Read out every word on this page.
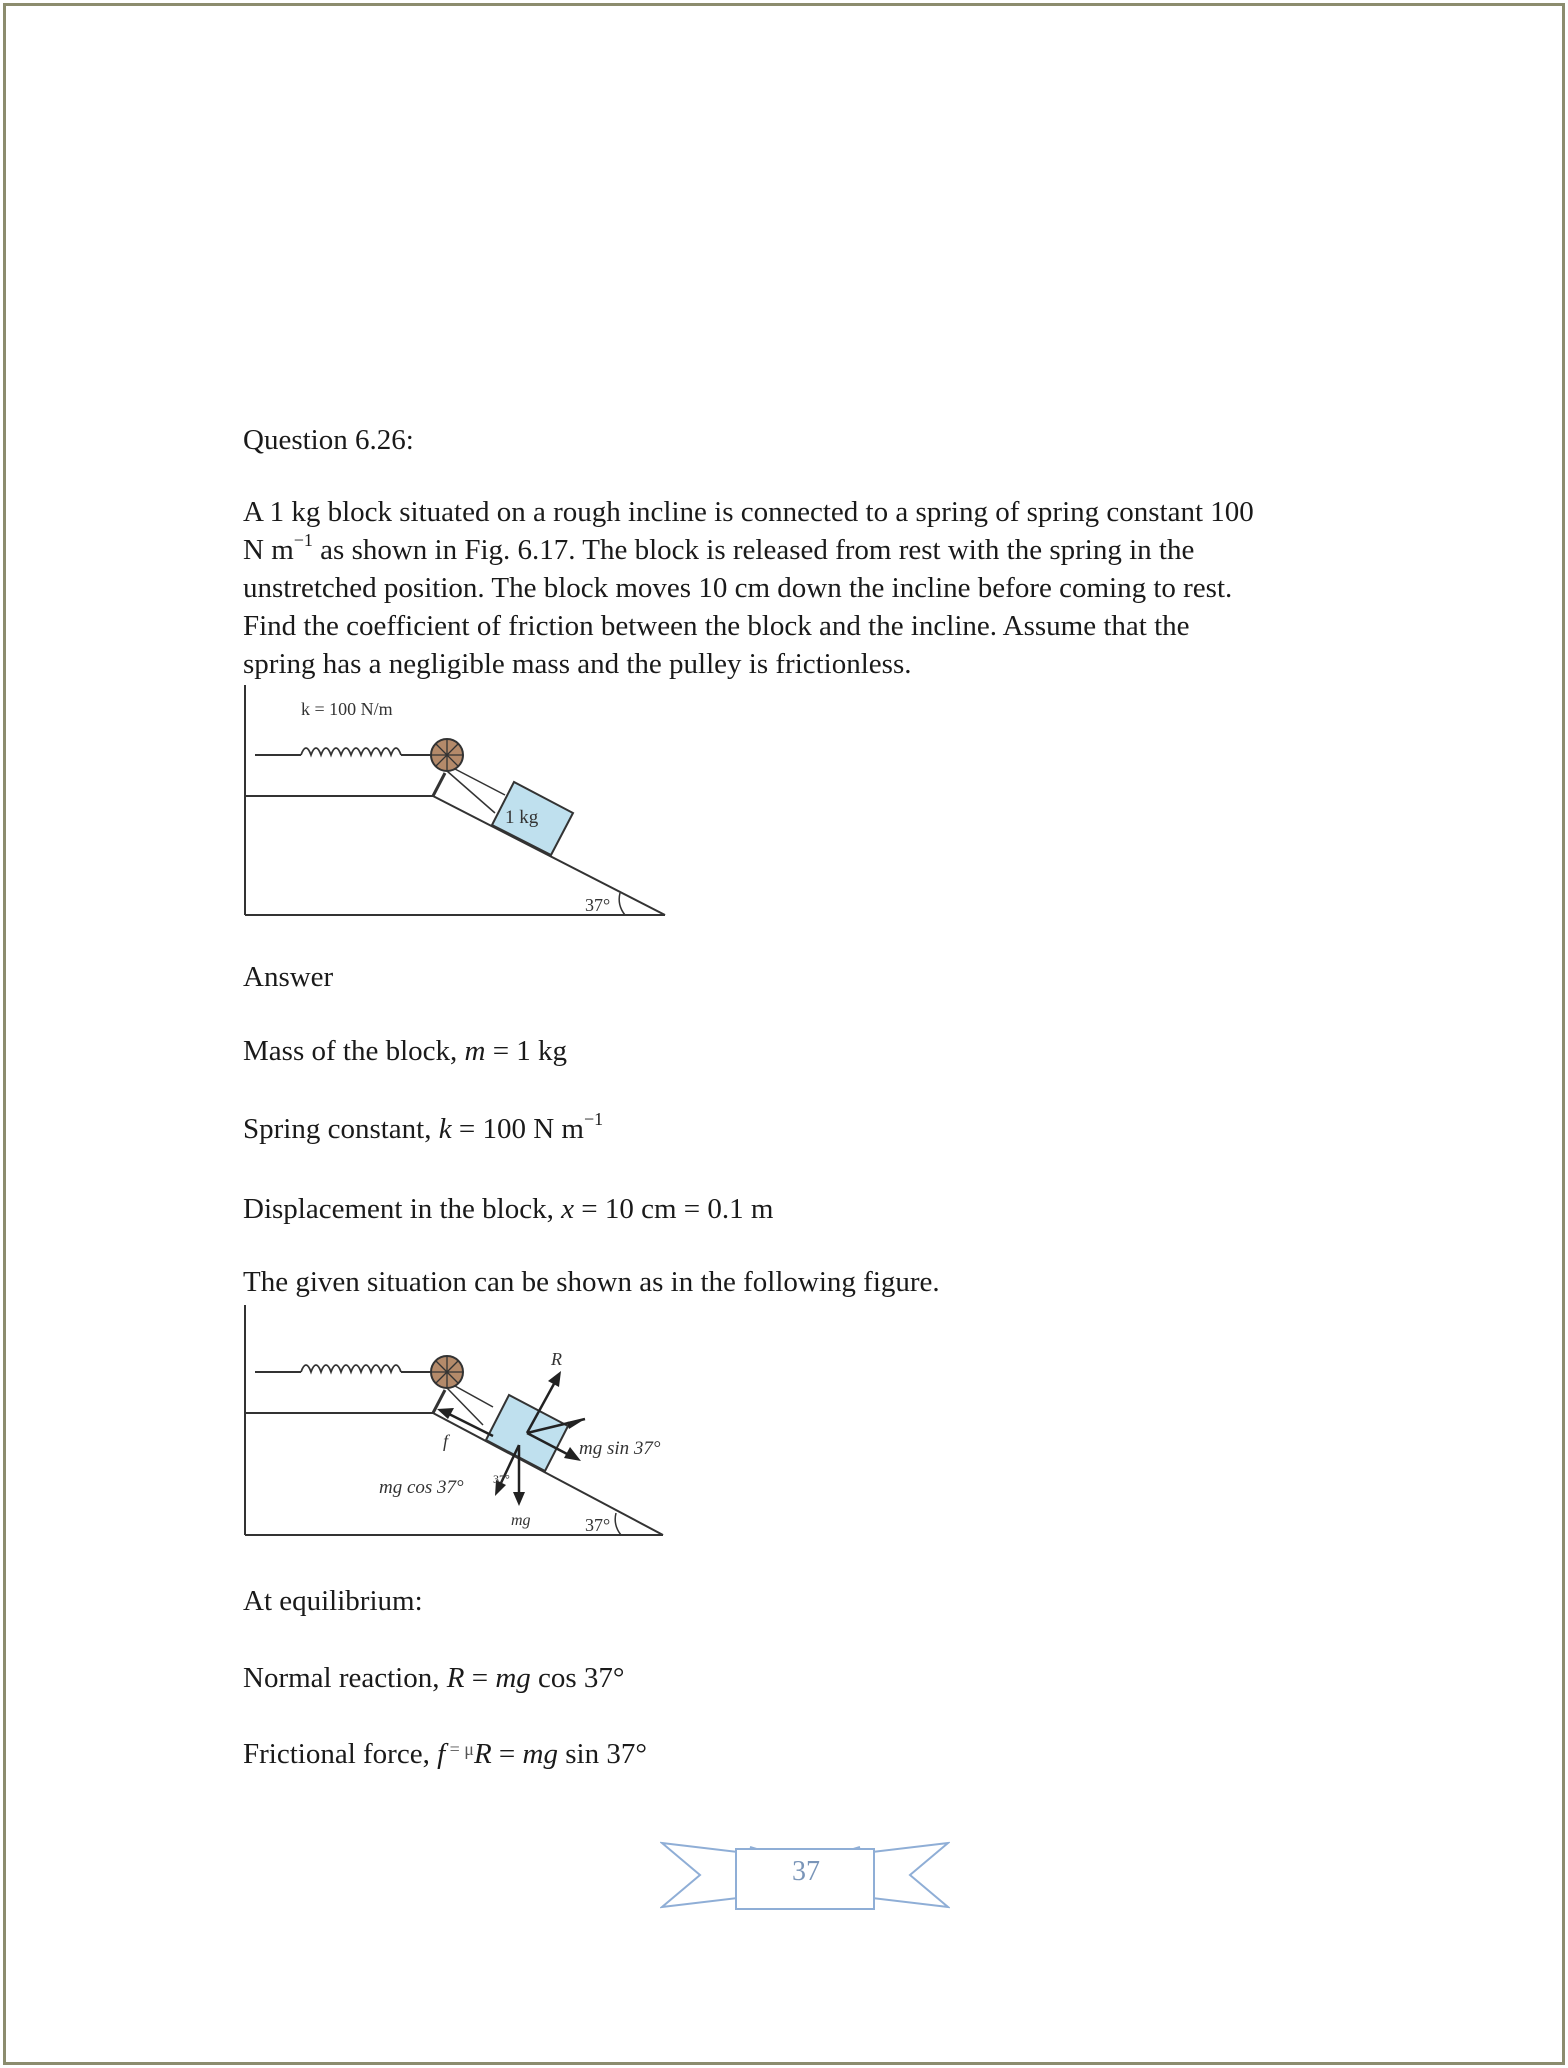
Question 6.26:

A 1 kg block situated on a rough incline is connected to a spring of spring constant 100
N $m^{-1}$ as shown in Fig. 6.17. The block is released from rest with the spring in the
unstretched position. The block moves 10 cm down the incline before coming to rest.
Find the coefficient of friction between the block and the incline. Assume that the
spring has a negligible mass and the pulley is frictionless.
1 kg
k = 100 N/m
37°

Answer

Mass of the block, m = 1 kg

Spring constant, k = 100 N $m^{-1}$

Displacement in the block, x = 10 cm = 0.1 m

The given situation can be shown as in the following figure.

R
f	mg sin 37°
mg cos 37°
mg
37°
37°

At equilibrium:

Normal reaction, R = mg cos 37°

Frictional force, f $^{= \mu}$R = mg sin 37°

37
